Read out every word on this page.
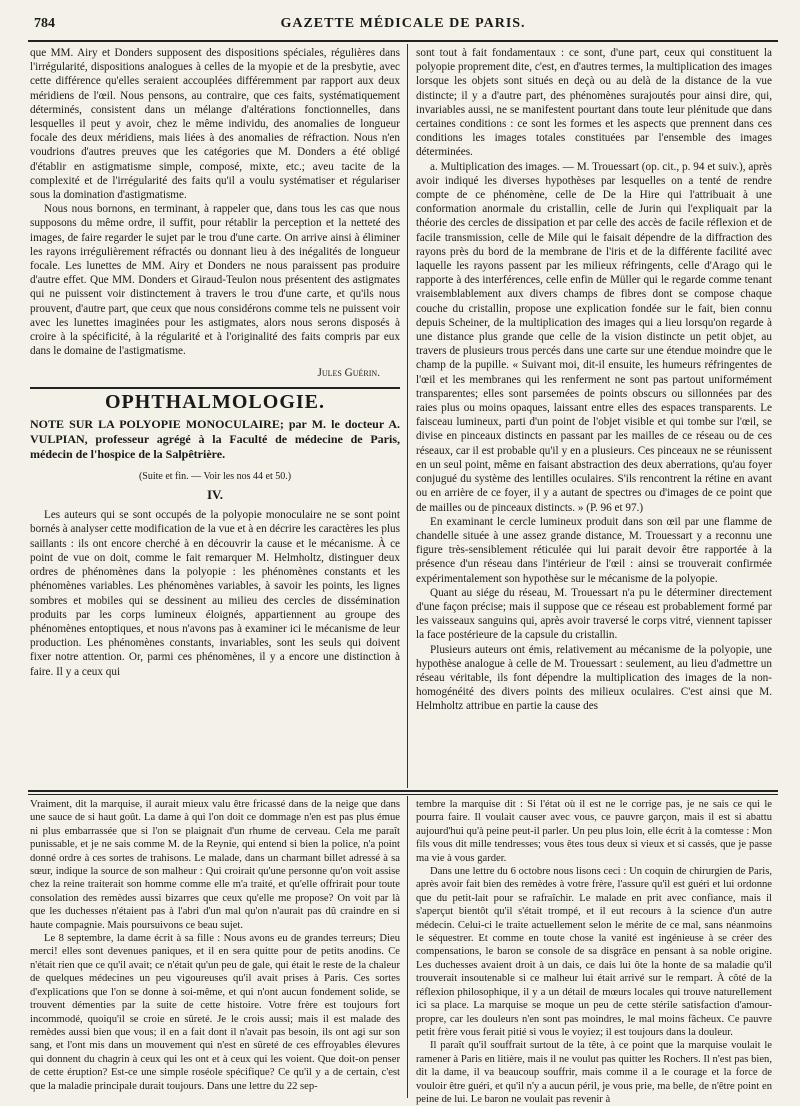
784	GAZETTE MÉDICALE DE PARIS.

que MM. Airy et Donders supposent des dispositions spéciales, régulières dans l'irrégularité, dispositions analogues à celles de la myopie et de la presbytie, avec cette différence qu'elles seraient accouplées différemment par rapport aux deux méridiens de l'œil. Nous pensons, au contraire, que ces faits, systématiquement déterminés, consistent dans un mélange d'altérations fonctionnelles, dans lesquelles il peut y avoir, chez le même individu, des anomalies de longueur focale des deux méridiens, mais liées à des anomalies de réfraction. Nous n'en voudrions d'autres preuves que les catégories que M. Donders a été obligé d'établir en astigmatisme simple, composé, mixte, etc.; aveu tacite de la complexité et de l'irrégularité des faits qu'il a voulu systématiser et régulariser sous la domination d'astigmatisme.

Nous nous bornons, en terminant, à rappeler que, dans tous les cas que nous supposons du même ordre, il suffit, pour rétablir la perception et la netteté des images, de faire regarder le sujet par le trou d'une carte. On arrive ainsi à éliminer les rayons irrégulièrement réfractés ou donnant lieu à des inégalités de longueur focale. Les lunettes de MM. Airy et Donders ne nous paraissent pas produire d'autre effet. Que MM. Donders et Giraud-Teulon nous présentent des astigmates qui ne puissent voir distinctement à travers le trou d'une carte, et qu'ils nous prouvent, d'autre part, que ceux que nous considérons comme tels ne puissent voir avec les lunettes imaginées pour les astigmates, alors nous serons disposés à croire à la spécificité, à la régularité et à l'originalité des faits compris par eux dans le domaine de l'astigmatisme.

Jules Guérin.

OPHTHALMOLOGIE.

NOTE SUR LA POLYOPIE MONOCULAIRE; par M. le docteur A. VULPIAN, professeur agrégé à la Faculté de médecine de Paris, médecin de l'hospice de la Salpêtrière.

(Suite et fin. — Voir les nos 44 et 50.)

IV.

Les auteurs qui se sont occupés de la polyopie monoculaire ne se sont point bornés à analyser cette modification de la vue et à en décrire les caractères les plus saillants : ils ont encore cherché à en découvrir la cause et le mécanisme. À ce point de vue on doit, comme le fait remarquer M. Helmholtz, distinguer deux ordres de phénomènes dans la polyopie : les phénomènes constants et les phénomènes variables. Les phénomènes variables, à savoir les points, les lignes sombres et mobiles qui se dessinent au milieu des cercles de dissémination produits par les corps lumineux éloignés, appartiennent au groupe des phénomènes entoptiques, et nous n'avons pas à examiner ici le mécanisme de leur production. Les phénomènes constants, invariables, sont les seuls qui doivent fixer notre attention. Or, parmi ces phénomènes, il y a encore une distinction à faire. Il y a ceux qui

sont tout à fait fondamentaux : ce sont, d'une part, ceux qui constituent la polyopie proprement dite, c'est, en d'autres termes, la multiplication des images lorsque les objets sont situés en deçà ou au delà de la distance de la vue distincte; il y a d'autre part, des phénomènes surajoutés pour ainsi dire, qui, invariables aussi, ne se manifestent pourtant dans toute leur plénitude que dans certaines conditions : ce sont les formes et les aspects que prennent dans ces conditions les images totales constituées par l'ensemble des images déterminées.

a. Multiplication des images. — M. Trouessart (op. cit., p. 94 et suiv.), après avoir indiqué les diverses hypothèses par lesquelles on a tenté de rendre compte de ce phénomène, celle de De la Hire qui l'attribuait à une conformation anormale du cristallin, celle de Jurin qui l'expliquait par la théorie des cercles de dissipation et par celle des accès de facile réflexion et de facile transmission, celle de Mile qui le faisait dépendre de la diffraction des rayons près du bord de la membrane de l'iris et de la différente facilité avec laquelle les rayons passent par les milieux réfringents, celle d'Arago qui le rapporte à des interférences, celle enfin de Müller qui le regarde comme tenant vraisemblablement aux divers champs de fibres dont se compose chaque couche du cristallin, propose une explication fondée sur le fait, bien connu depuis Scheiner, de la multiplication des images qui a lieu lorsqu'on regarde à une distance plus grande que celle de la vision distincte un petit objet, au travers de plusieurs trous percés dans une carte sur une étendue moindre que le champ de la pupille. « Suivant moi, dit-il ensuite, les humeurs réfringentes de l'œil et les membranes qui les renferment ne sont pas partout uniformément transparentes; elles sont parsemées de points obscurs ou sillonnées par des raies plus ou moins opaques, laissant entre elles des espaces transparents. Le faisceau lumineux, parti d'un point de l'objet visible et qui tombe sur l'œil, se divise en pinceaux distincts en passant par les mailles de ce réseau ou de ces réseaux, car il est probable qu'il y en a plusieurs. Ces pinceaux ne se réunissent en un seul point, même en faisant abstraction des deux aberrations, qu'au foyer conjugué du système des lentilles oculaires. S'ils rencontrent la rétine en avant ou en arrière de ce foyer, il y a autant de spectres ou d'images de ce point que de mailles ou de pinceaux distincts. » (P. 96 et 97.)

En examinant le cercle lumineux produit dans son œil par une flamme de chandelle située à une assez grande distance, M. Trouessart y a reconnu une figure très-sensiblement réticulée qui lui parait devoir être rapportée à la présence d'un réseau dans l'intérieur de l'œil : ainsi se trouverait confirmée expérimentalement son hypothèse sur le mécanisme de la polyopie.

Quant au siége du réseau, M. Trouessart n'a pu le déterminer directement d'une façon précise; mais il suppose que ce réseau est probablement formé par les vaisseaux sanguins qui, après avoir traversé le corps vitré, viennent tapisser la face postérieure de la capsule du cristallin.

Plusieurs auteurs ont émis, relativement au mécanisme de la polyopie, une hypothèse analogue à celle de M. Trouessart : seulement, au lieu d'admettre un réseau véritable, ils font dépendre la multiplication des images de la non-homogénéité des divers points des milieux oculaires. C'est ainsi que M. Helmholtz attribue en partie la cause des

Vraiment, dit la marquise, il aurait mieux valu être fricassé dans de la neige que dans une sauce de si haut goût. La dame à qui l'on doit ce dommage n'en est pas plus émue ni plus embarrassée que si l'on se plaignait d'un rhume de cerveau. Cela me paraît punissable, et je ne sais comme M. de la Reynie, qui entend si bien la police, n'a point donné ordre à ces sortes de trahisons. Le malade, dans un charmant billet adressé à sa sœur, indique la source de son malheur : Qui croirait qu'une personne qu'on voit assise chez la reine traiterait son homme comme elle m'a traité, et qu'elle offrirait pour toute consolation des remèdes aussi bizarres que ceux qu'elle me propose? On voit par là que les duchesses n'étaient pas à l'abri d'un mal qu'on n'aurait pas dû craindre en si haute compagnie. Mais poursuivons ce beau sujet.

Le 8 septembre, la dame écrit à sa fille : Nous avons eu de grandes terreurs; Dieu merci! elles sont devenues paniques, et il en sera quitte pour de petits anodins. Ce n'était rien que ce qu'il avait; ce n'était qu'un peu de gale, qui était le reste de la chaleur de quelques médecines un peu vigoureuses qu'il avait prises à Paris. Ces sortes d'explications que l'on se donne à soi-même, et qui n'ont aucun fondement solide, se trouvent démenties par la suite de cette histoire. Votre frère est toujours fort incommodé, quoiqu'il se croie en sûreté. Je le crois aussi; mais il est malade des remèdes aussi bien que vous; il en a fait dont il n'avait pas besoin, ils ont agi sur son sang, et l'ont mis dans un mouvement qui n'est en sûreté de ces effroyables élevures qui donnent du chagrin à ceux qui les ont et à ceux qui les voient. Que doit-on penser de cette éruption? Est-ce une simple roséole spécifique? Ce qu'il y a de certain, c'est que la maladie principale durait toujours. Dans une lettre du 22 sep-

tembre la marquise dit : Si l'état où il est ne le corrige pas, je ne sais ce qui le pourra faire. Il voulait causer avec vous, ce pauvre garçon, mais il est si abattu aujourd'hui qu'à peine peut-il parler. Un peu plus loin, elle écrit à la comtesse : Mon fils vous dit mille tendresses; vous êtes tous deux si vieux et si cassés, que je passe ma vie à vous garder.

Dans une lettre du 6 octobre nous lisons ceci : Un coquin de chirurgien de Paris, après avoir fait bien des remèdes à votre frère, l'assure qu'il est guéri et lui ordonne que du petit-lait pour se rafraîchir. Le malade en prit avec confiance, mais il s'aperçut bientôt qu'il s'était trompé, et il eut recours à la science d'un autre médecin. Celui-ci le traite actuellement selon le mérite de ce mal, sans néanmoins le séquestrer. Et comme en toute chose la vanité est ingénieuse à se créer des compensations, le baron se console de sa disgrâce en pensant à sa noble origine. Les duchesses avaient droit à un dais, ce dais lui ôte la honte de sa maladie qu'il trouverait insoutenable si ce malheur lui était arrivé sur le rempart. À côté de la réflexion philosophique, il y a un détail de mœurs locales qui trouve naturellement ici sa place. La marquise se moque un peu de cette stérile satisfaction d'amour-propre, car les douleurs n'en sont pas moindres, le mal moins fâcheux. Ce pauvre petit frère vous ferait pitié si vous le voyiez; il est toujours dans la douleur.

Il paraît qu'il souffrait surtout de la tête, à ce point que la marquise voulait le ramener à Paris en litière, mais il ne voulut pas quitter les Rochers. Il n'est pas bien, dit la dame, il va beaucoup souffrir, mais comme il a le courage et la force de vouloir être guéri, et qu'il n'y a aucun péril, je vous prie, ma belle, de n'être point en peine de lui. Le baron ne voulait pas revenir à
